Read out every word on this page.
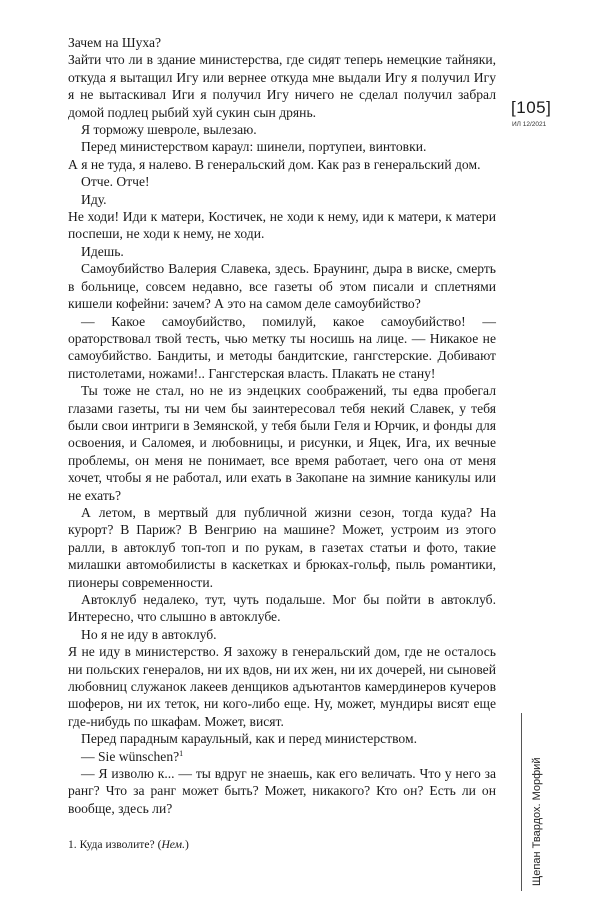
Зачем на Шуха?

Зайти что ли в здание министерства, где сидят теперь немецкие тайняки, откуда я вытащил Игу или вернее откуда мне выдали Игу я получил Игу я не вытаскивал Иги я получил Игу ничего не сделал получил забрал домой подлец рыбий хуй сукин сын дрянь.

Я торможу шевроле, вылезаю.

Перед министерством караул: шинели, портупеи, винтовки.

А я не туда, я налево. В генеральский дом. Как раз в генеральский дом.

Отче. Отче!

Иду.

Не ходи! Иди к матери, Костичек, не ходи к нему, иди к матери, к матери поспеши, не ходи к нему, не ходи.

Идешь.

Самоубийство Валерия Славека, здесь. Браунинг, дыра в виске, смерть в больнице, совсем недавно, все газеты об этом писали и сплетнями кишели кофейни: зачем? А это на самом деле самоубийство?

— Какое самоубийство, помилуй, какое самоубийство! — ораторствовал твой тесть, чью метку ты носишь на лице. — Никакое не самоубийство. Бандиты, и методы бандитские, гангстерские. Добивают пистолетами, ножами!.. Гангстерская власть. Плакать не стану!

Ты тоже не стал, но не из эндецких соображений, ты едва пробегал глазами газеты, ты ни чем бы заинтересовал тебя некий Славек, у тебя были свои интриги в Земянской, у тебя были Геля и Юрчик, и фонды для освоения, и Саломея, и любовницы, и рисунки, и Яцек, Ига, их вечные проблемы, он меня не понимает, все время работает, чего она от меня хочет, чтобы я не работал, или ехать в Закопане на зимние каникулы или не ехать?

А летом, в мертвый для публичной жизни сезон, тогда куда? На курорт? В Париж? В Венгрию на машине? Может, устроим из этого ралли, в автоклуб топ-топ и по рукам, в газетах статьи и фото, такие милашки автомобилисты в каскетках и брюках-гольф, пыль романтики, пионеры современности.

Автоклуб недалеко, тут, чуть подальше. Мог бы пойти в автоклуб. Интересно, что слышно в автоклубе.

Но я не иду в автоклуб.

Я не иду в министерство. Я захожу в генеральский дом, где не осталось ни польских генералов, ни их вдов, ни их жен, ни их дочерей, ни сыновей любовниц служанок лакеев денщиков адъютантов камердинеров кучеров шоферов, ни их теток, ни кого-либо еще. Ну, может, мундиры висят еще где-нибудь по шкафам. Может, висят.

Перед парадным караульный, как и перед министерством.

— Sie wünschen?$^1$

— Я изволю к... — ты вдруг не знаешь, как его величать. Что у него за ранг? Что за ранг может быть? Может, никакого? Кто он? Есть ли он вообще, здесь ли?

1. Куда изволите? (Нем.)
[105]
ИЛ 12/2021
Щепан Твардох. Морфий
